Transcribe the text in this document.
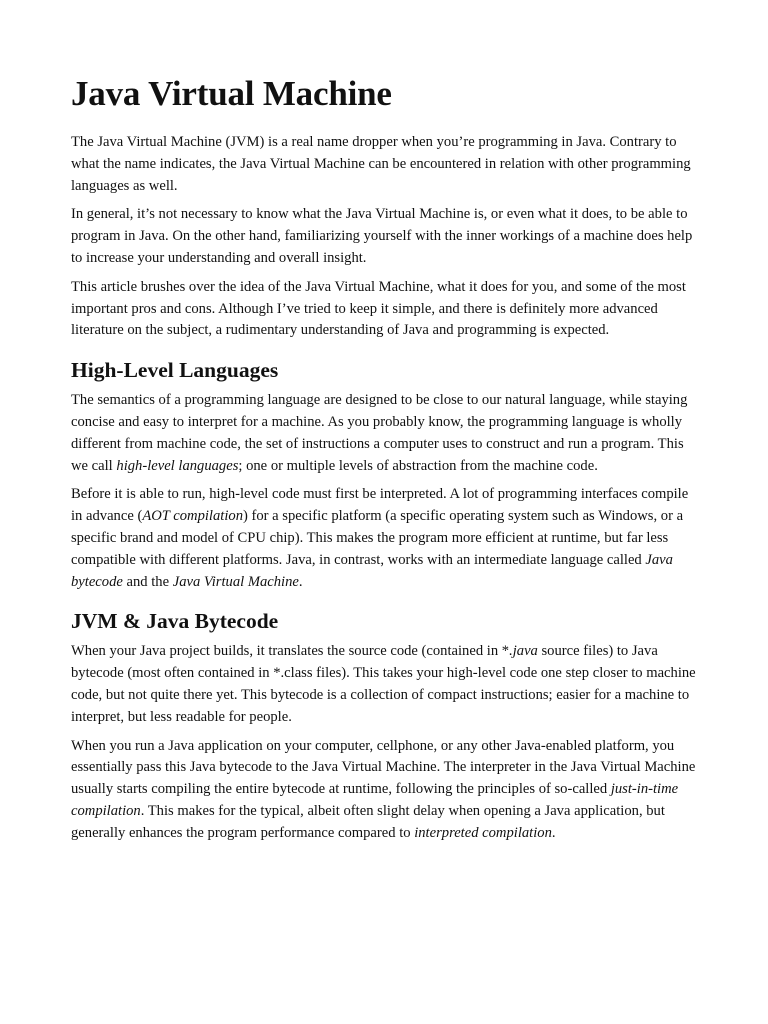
Java Virtual Machine

The Java Virtual Machine (JVM) is a real name dropper when you’re programming in Java. Contrary to what the name indicates, the Java Virtual Machine can be encountered in relation with other programming languages as well.

In general, it’s not necessary to know what the Java Virtual Machine is, or even what it does, to be able to program in Java. On the other hand, familiarizing yourself with the inner workings of a machine does help to increase your understanding and overall insight.

This article brushes over the idea of the Java Virtual Machine, what it does for you, and some of the most important pros and cons. Although I’ve tried to keep it simple, and there is definitely more advanced literature on the subject, a rudimentary understanding of Java and programming is expected.

High-Level Languages

The semantics of a programming language are designed to be close to our natural language, while staying concise and easy to interpret for a machine. As you probably know, the programming language is wholly different from machine code, the set of instructions a computer uses to construct and run a program. This we call high-level languages; one or multiple levels of abstraction from the machine code.

Before it is able to run, high-level code must first be interpreted. A lot of programming interfaces compile in advance (AOT compilation) for a specific platform (a specific operating system such as Windows, or a specific brand and model of CPU chip). This makes the program more efficient at runtime, but far less compatible with different platforms. Java, in contrast, works with an intermediate language called Java bytecode and the Java Virtual Machine.

JVM & Java Bytecode

When your Java project builds, it translates the source code (contained in *.java source files) to Java bytecode (most often contained in *.class files). This takes your high-level code one step closer to machine code, but not quite there yet. This bytecode is a collection of compact instructions; easier for a machine to interpret, but less readable for people.

When you run a Java application on your computer, cellphone, or any other Java-enabled platform, you essentially pass this Java bytecode to the Java Virtual Machine. The interpreter in the Java Virtual Machine usually starts compiling the entire bytecode at runtime, following the principles of so-called just-in-time compilation. This makes for the typical, albeit often slight delay when opening a Java application, but generally enhances the program performance compared to interpreted compilation.
